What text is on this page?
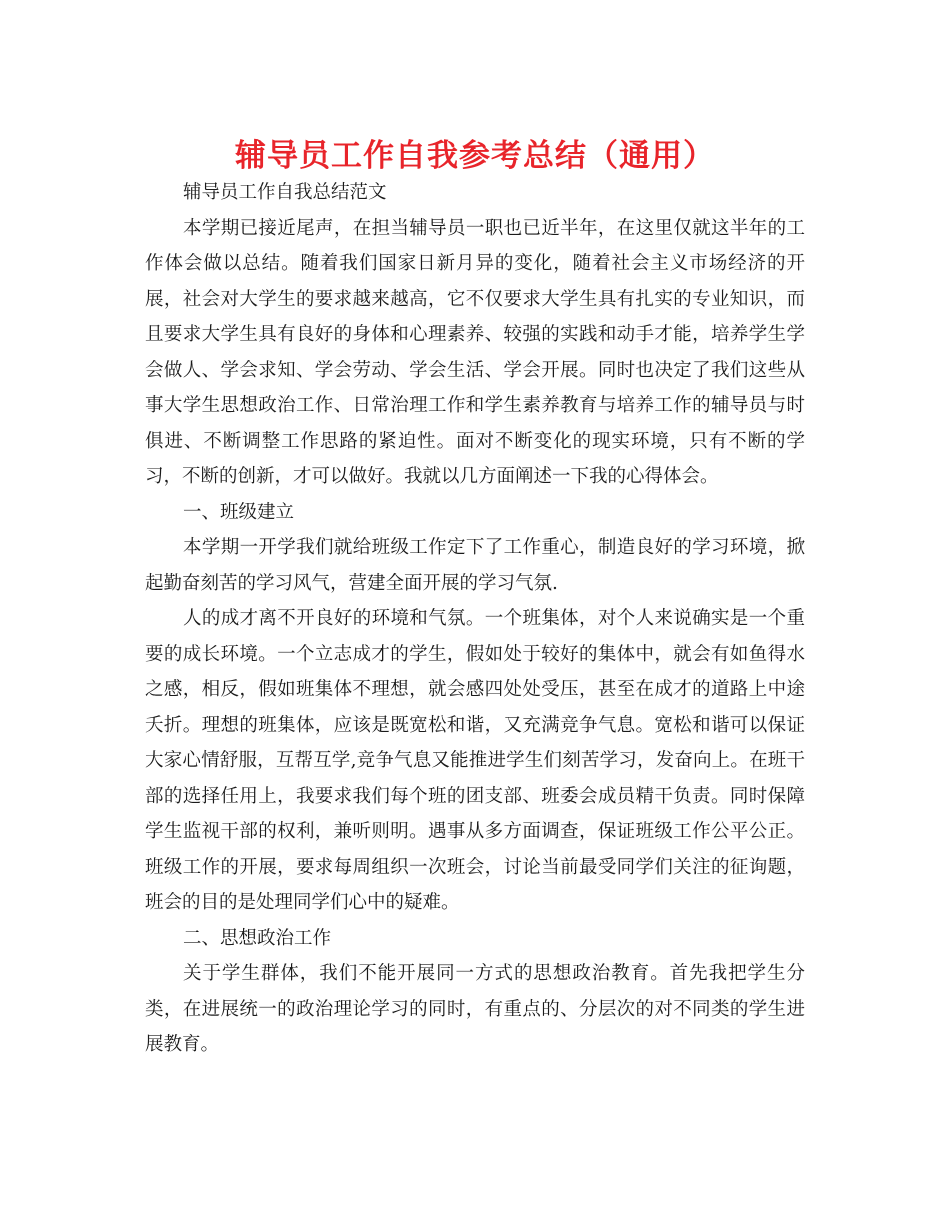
辅导员工作自我参考总结（通用）

辅导员工作自我总结范文

本学期已接近尾声，在担当辅导员一职也已近半年，在这里仅就这半年的工作体会做以总结。随着我们国家日新月异的变化，随着社会主义市场经济的开展，社会对大学生的要求越来越高，它不仅要求大学生具有扎实的专业知识，而且要求大学生具有良好的身体和心理素养、较强的实践和动手才能，培养学生学会做人、学会求知、学会劳动、学会生活、学会开展。同时也决定了我们这些从事大学生思想政治工作、日常治理工作和学生素养教育与培养工作的辅导员与时俱进、不断调整工作思路的紧迫性。面对不断变化的现实环境，只有不断的学习，不断的创新，才可以做好。我就以几方面阐述一下我的心得体会。

一、班级建立

本学期一开学我们就给班级工作定下了工作重心，制造良好的学习环境，掀起勤奋刻苦的学习风气，营建全面开展的学习气氛.

人的成才离不开良好的环境和气氛。一个班集体，对个人来说确实是一个重要的成长环境。一个立志成才的学生，假如处于较好的集体中，就会有如鱼得水之感，相反，假如班集体不理想，就会感四处处受压，甚至在成才的道路上中途夭折。理想的班集体，应该是既宽松和谐，又充满竞争气息。宽松和谐可以保证大家心情舒服，互帮互学,竞争气息又能推进学生们刻苦学习，发奋向上。在班干部的选择任用上，我要求我们每个班的团支部、班委会成员精干负责。同时保障学生监视干部的权利，兼听则明。遇事从多方面调查，保证班级工作公平公正。班级工作的开展，要求每周组织一次班会，讨论当前最受同学们关注的征询题，班会的目的是处理同学们心中的疑难。

二、思想政治工作

关于学生群体，我们不能开展同一方式的思想政治教育。首先我把学生分类，在进展统一的政治理论学习的同时，有重点的、分层次的对不同类的学生进展教育。
